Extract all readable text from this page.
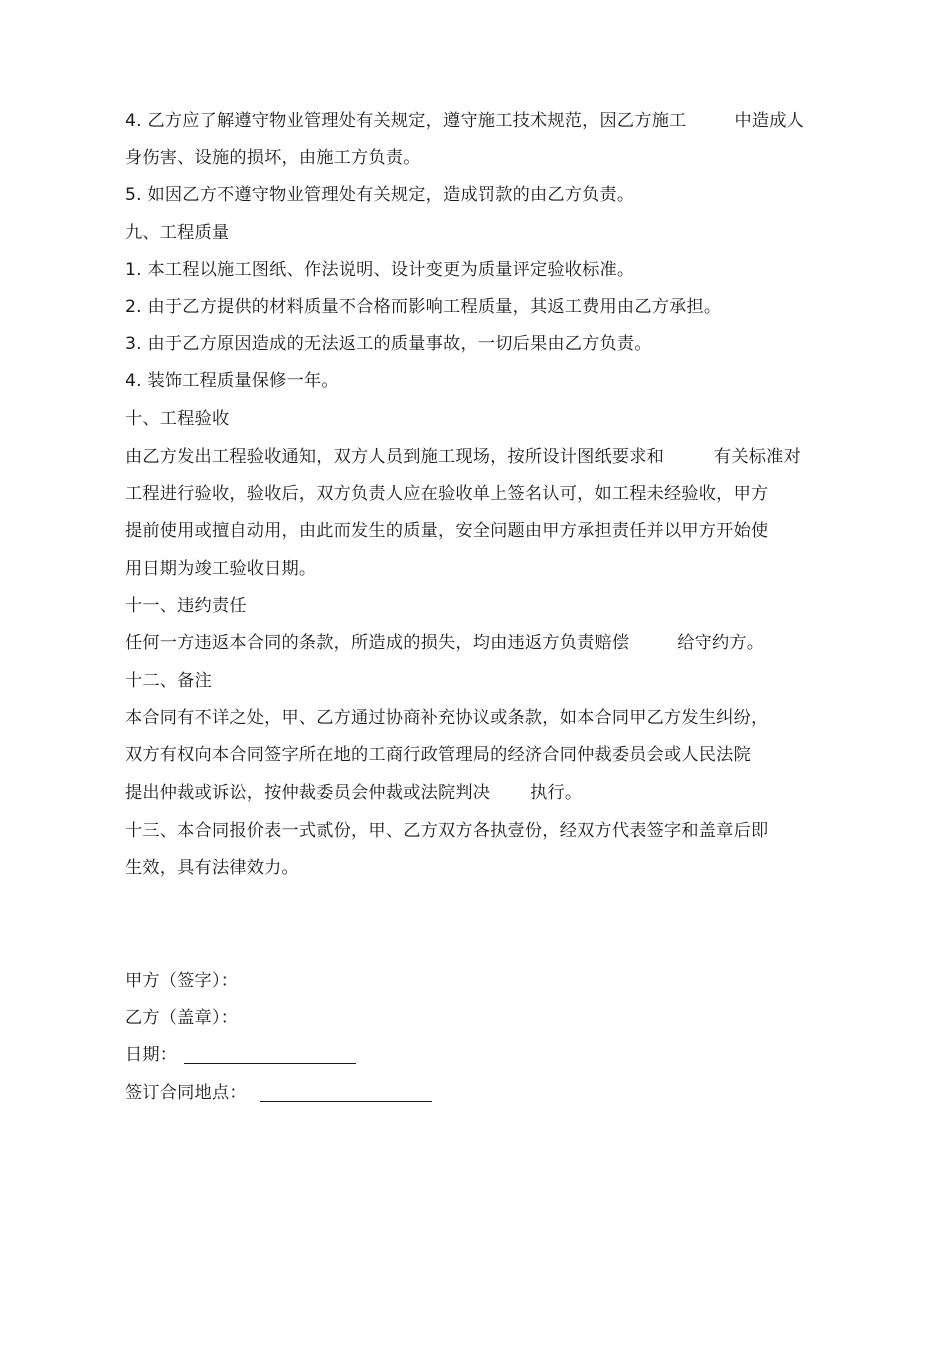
4. 乙方应了解遵守物业管理处有关规定，遵守施工技术规范，因乙方施工	中造成人
身伤害、设施的损坏，由施工方负责。
5. 如因乙方不遵守物业管理处有关规定，造成罚款的由乙方负责。
九、工程质量
1. 本工程以施工图纸、作法说明、设计变更为质量评定验收标准。
2. 由于乙方提供的材料质量不合格而影响工程质量，其返工费用由乙方承担。
3. 由于乙方原因造成的无法返工的质量事故，一切后果由乙方负责。
4. 装饰工程质量保修一年。
十、工程验收
由乙方发出工程验收通知，双方人员到施工现场，按所设计图纸要求和	有关标准对
工程进行验收，验收后，双方负责人应在验收单上签名认可，如工程未经验收，甲方
提前使用或擅自动用，由此而发生的质量，安全问题由甲方承担责任并以甲方开始使
用日期为竣工验收日期。
十一、违约责任
任何一方违返本合同的条款，所造成的损失，均由违返方负责赔偿	给守约方。
十二、备注
本合同有不详之处，甲、乙方通过协商补充协议或条款，如本合同甲乙方发生纠纷，
双方有权向本合同签字所在地的工商行政管理局的经济合同仲裁委员会或人民法院
提出仲裁或诉讼，按仲裁委员会仲裁或法院判决 执行。
十三、本合同报价表一式贰份，甲、乙方双方各执壹份，经双方代表签字和盖章后即
生效，具有法律效力。
甲方（签字）：
乙方（盖章）：
日期：
签订合同地点：
